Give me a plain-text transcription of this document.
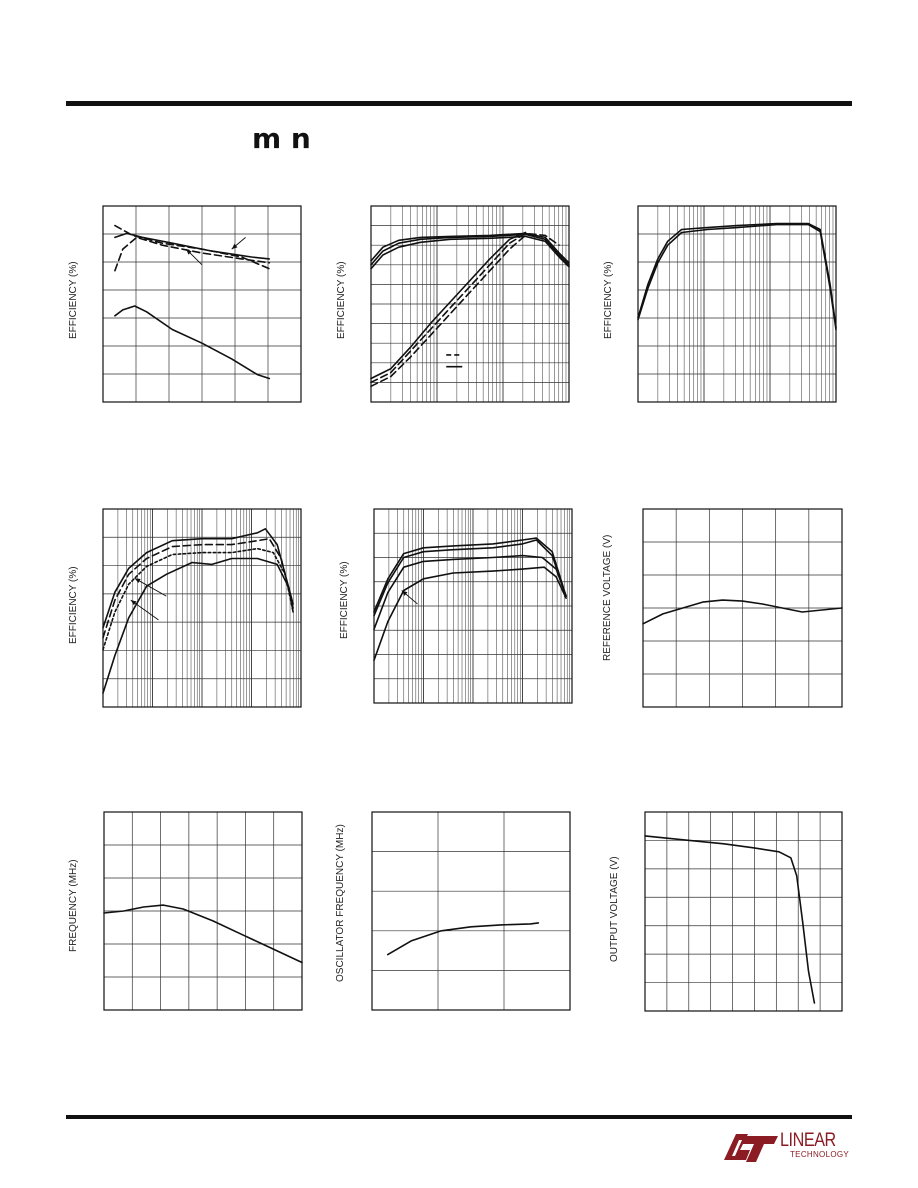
m n
EFFICIENCY (%)	EFFICIENCY (%)	EFFICIENCY (%)
EFFICIENCY (%)	EFFICIENCY (%)	REFERENCE VOLTAGE (V)
FREQUENCY (MHz)	OSCILLATOR FREQUENCY (MHz)	OUTPUT VOLTAGE (V)
LINEAR
TECHNOLOGY
